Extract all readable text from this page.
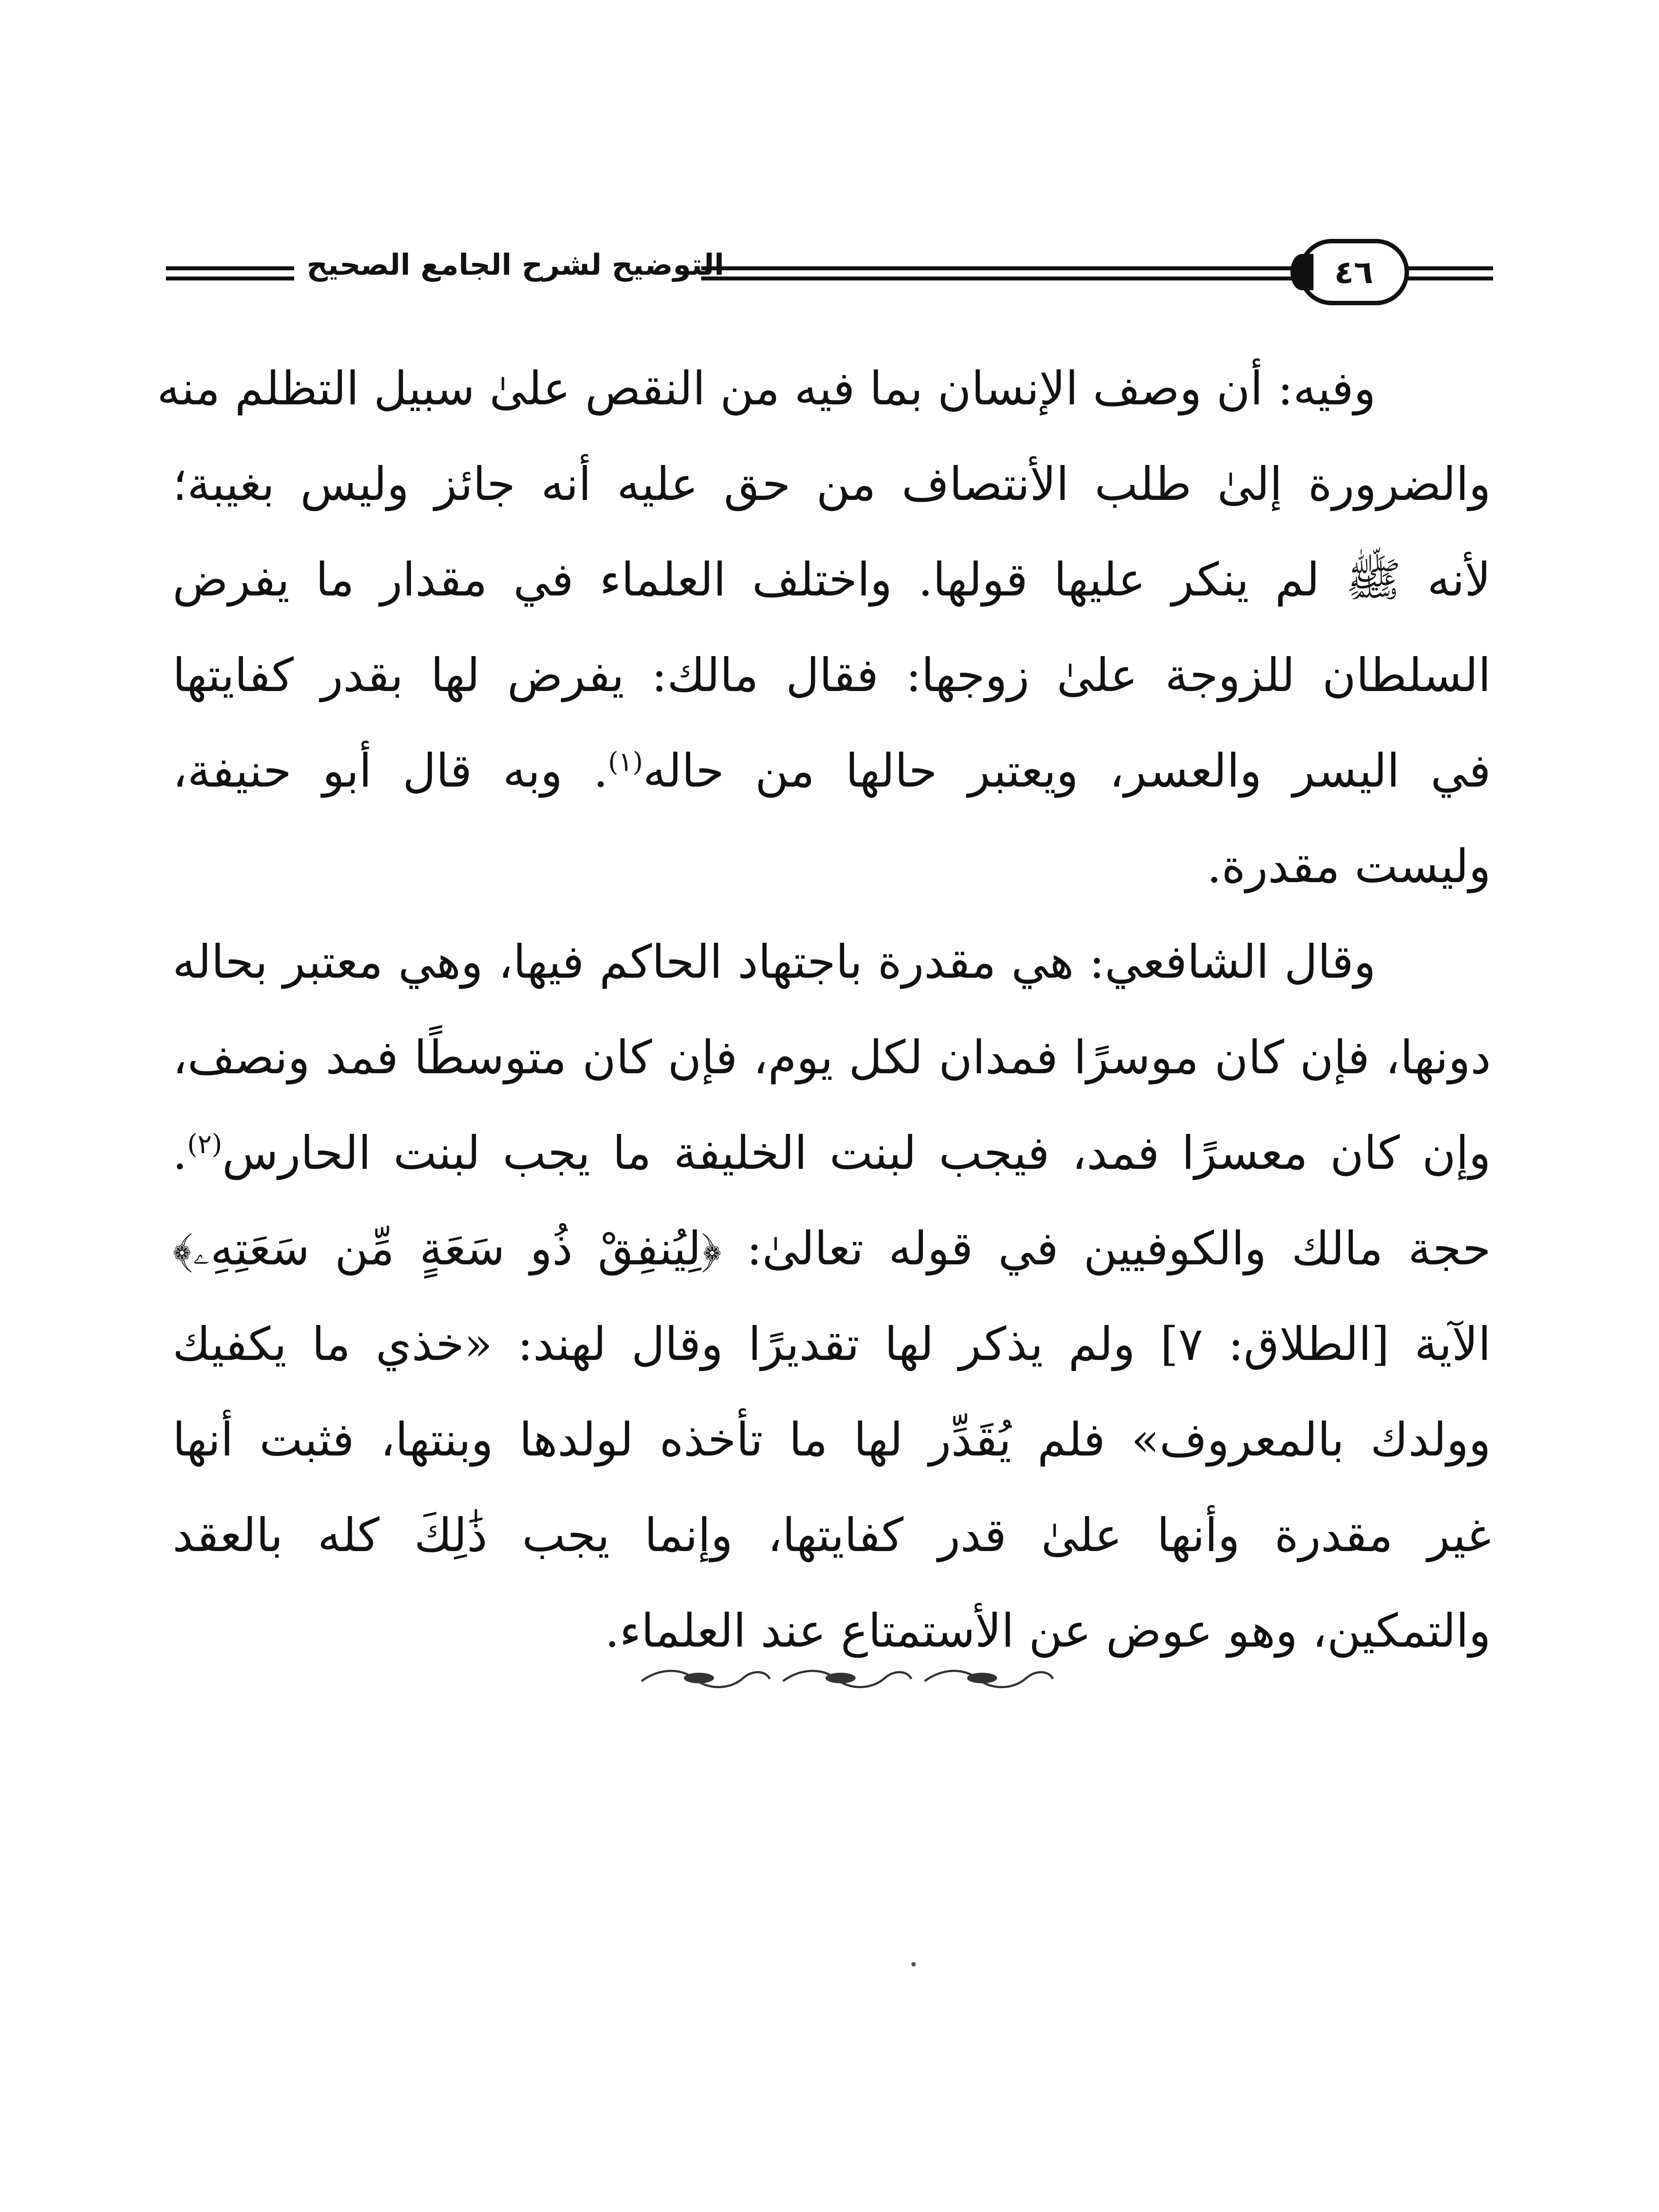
التوضيح لشرح الجامع الصحيح	٤٦

وفيه: أن وصف الإنسان بما فيه من النقص علىٰ سبيل التظلم منه
والضرورة إلىٰ طلب الأنتصاف من حق عليه أنه جائز وليس بغيبة؛
لأنه ﷺ لم ينكر عليها قولها. واختلف العلماء في مقدار ما يفرض
السلطان للزوجة علىٰ زوجها: فقال مالك: يفرض لها بقدر كفايتها
في اليسر والعسر، ويعتبر حالها من حاله$^{(١)}$. وبه قال أبو حنيفة،
وليست مقدرة.

وقال الشافعي: هي مقدرة باجتهاد الحاكم فيها، وهي معتبر بحاله
دونها، فإن كان موسرًا فمدان لكل يوم، فإن كان متوسطًا فمد ونصف،
وإن كان معسرًا فمد، فيجب لبنت الخليفة ما يجب لبنت الحارس$^{(٢)}$.
حجة مالك والكوفيين في قوله تعالىٰ: ﴿لِيُنفِقْ ذُو سَعَةٍ مِّن سَعَتِهِۦ﴾
الآية [الطلاق: ٧] ولم يذكر لها تقديرًا وقال لهند: «خذي ما يكفيك
وولدك بالمعروف» فلم يُقَدِّر لها ما تأخذه لولدها وبنتها، فثبت أنها
غير مقدرة وأنها علىٰ قدر كفايتها، وإنما يجب ذَٰلِكَ كله بالعقد
والتمكين، وهو عوض عن الأستمتاع عند العلماء.
